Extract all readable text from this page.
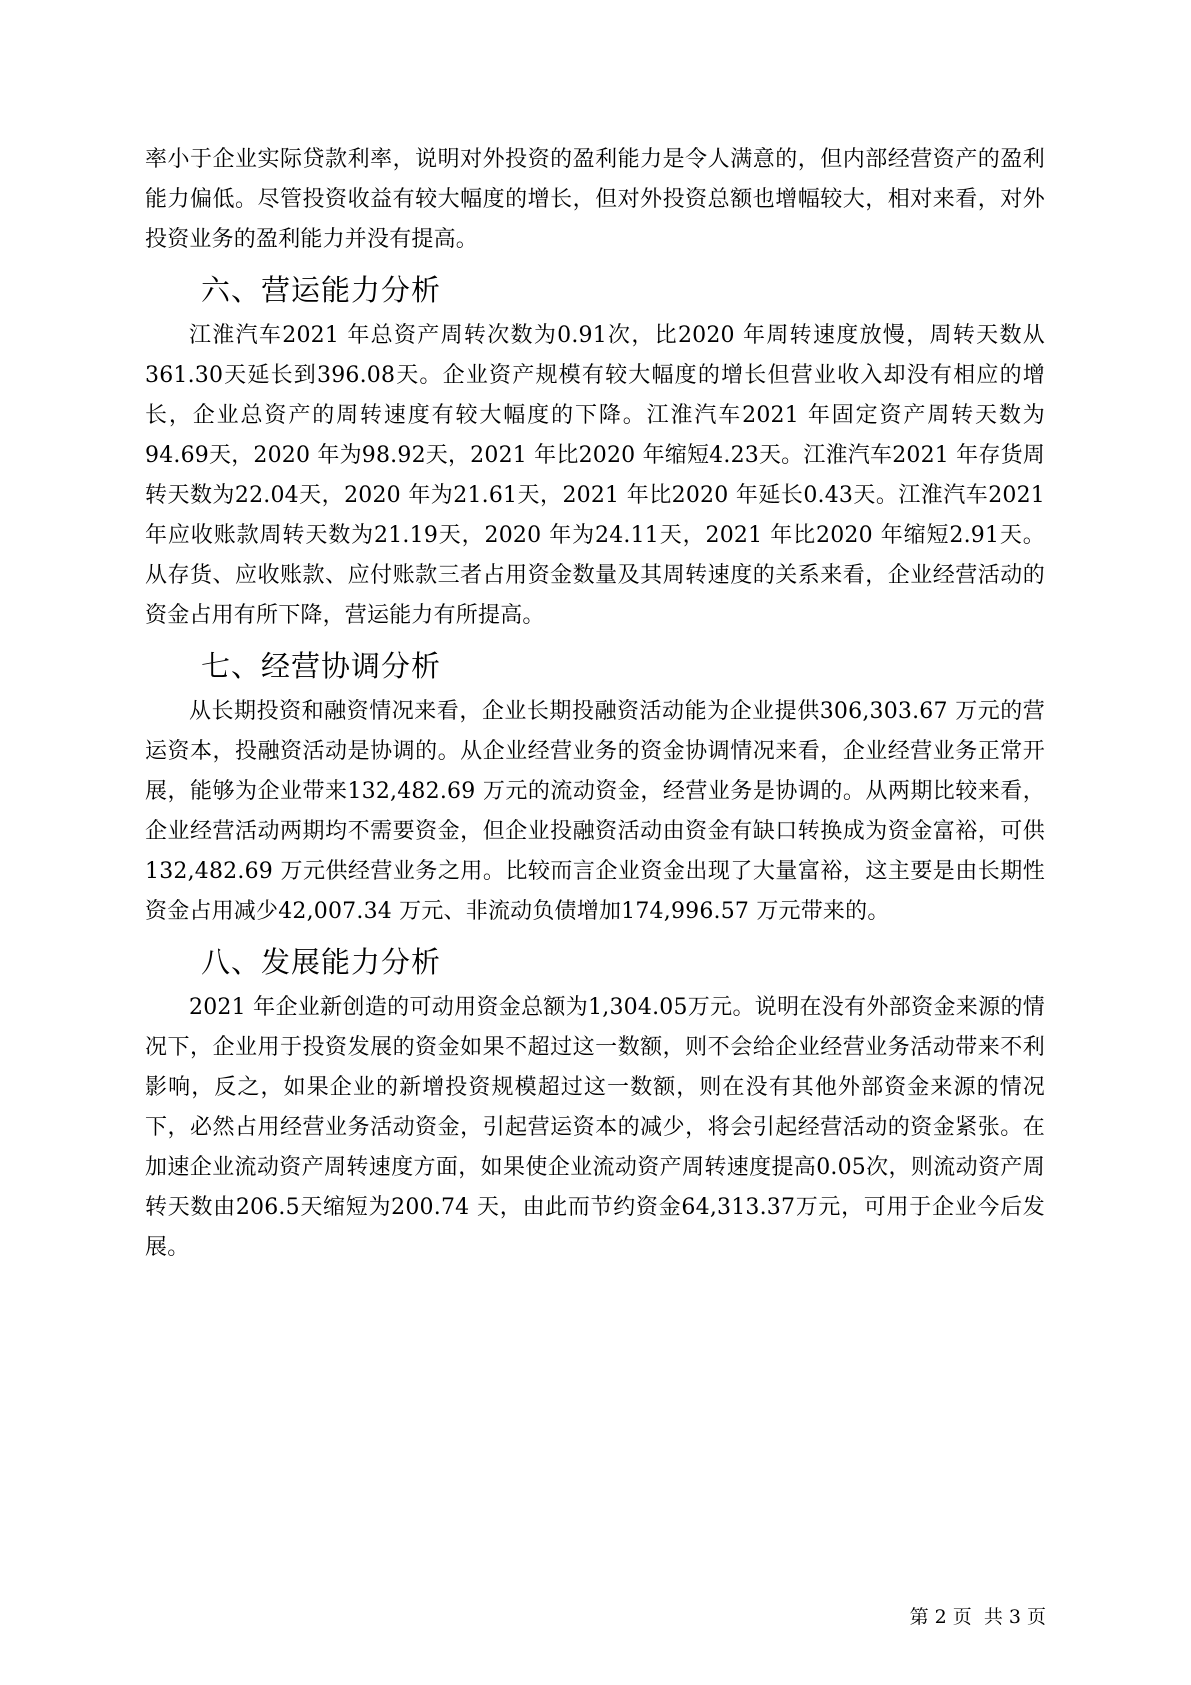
率小于企业实际贷款利率，说明对外投资的盈利能力是令人满意的，但内部经营资产的盈利能力偏低。尽管投资收益有较大幅度的增长，但对外投资总额也增幅较大，相对来看，对外投资业务的盈利能力并没有提高。

六、营运能力分析

江淮汽车2021 年总资产周转次数为0.91次，比2020 年周转速度放慢，周转天数从361.30天延长到396.08天。企业资产规模有较大幅度的增长但营业收入却没有相应的增长，企业总资产的周转速度有较大幅度的下降。江淮汽车2021 年固定资产周转天数为94.69天，2020 年为98.92天，2021 年比2020 年缩短4.23天。江淮汽车2021 年存货周转天数为22.04天，2020 年为21.61天，2021 年比2020 年延长0.43天。江淮汽车2021 年应收账款周转天数为21.19天，2020 年为24.11天，2021 年比2020 年缩短2.91天。从存货、应收账款、应付账款三者占用资金数量及其周转速度的关系来看，企业经营活动的资金占用有所下降，营运能力有所提高。

七、经营协调分析

从长期投资和融资情况来看，企业长期投融资活动能为企业提供306,303.67 万元的营运资本，投融资活动是协调的。从企业经营业务的资金协调情况来看，企业经营业务正常开展，能够为企业带来132,482.69 万元的流动资金，经营业务是协调的。从两期比较来看，企业经营活动两期均不需要资金，但企业投融资活动由资金有缺口转换成为资金富裕，可供132,482.69 万元供经营业务之用。比较而言企业资金出现了大量富裕，这主要是由长期性资金占用减少42,007.34 万元、非流动负债增加174,996.57 万元带来的。

八、发展能力分析

2021 年企业新创造的可动用资金总额为1,304.05万元。说明在没有外部资金来源的情况下，企业用于投资发展的资金如果不超过这一数额，则不会给企业经营业务活动带来不利影响，反之，如果企业的新增投资规模超过这一数额，则在没有其他外部资金来源的情况下，必然占用经营业务活动资金，引起营运资本的减少，将会引起经营活动的资金紧张。在加速企业流动资产周转速度方面，如果使企业流动资产周转速度提高0.05次，则流动资产周转天数由206.5天缩短为200.74 天，由此而节约资金64,313.37万元，可用于企业今后发展。

第 2 页  共 3 页
